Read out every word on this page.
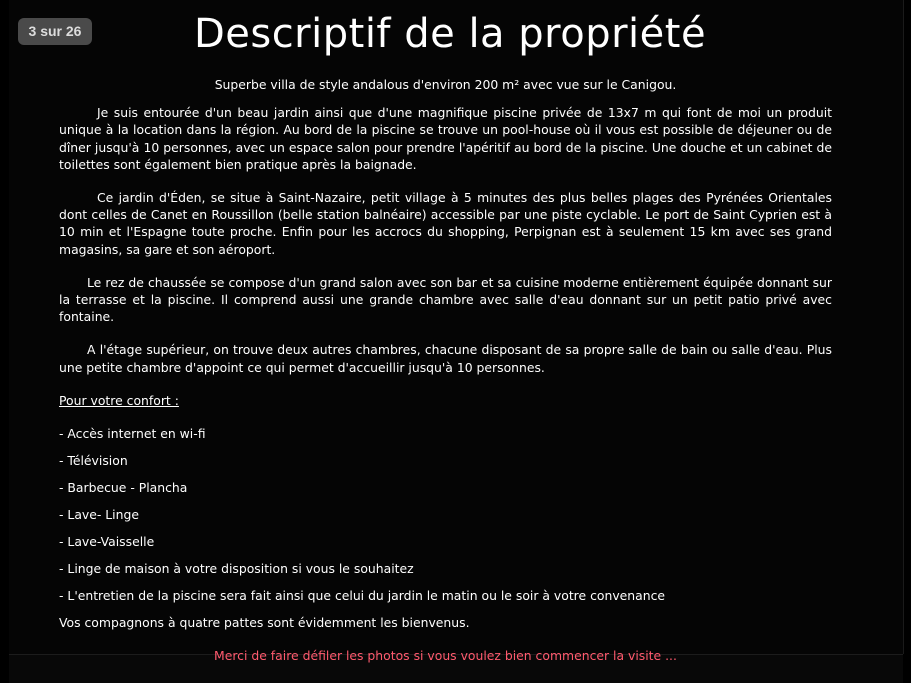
3 sur 26	Descriptif de la propriété

Superbe villa de style andalous d'environ 200 m² avec vue sur le Canigou.

Je suis entourée d'un beau jardin ainsi que d'une magnifique piscine privée de 13x7 m qui font de moi un produit unique à la location dans la région. Au bord de la piscine se trouve un pool-house où il vous est possible de déjeuner ou de dîner jusqu'à 10 personnes, avec un espace salon pour prendre l'apéritif au bord de la piscine. Une douche et un cabinet de toilettes sont également bien pratique après la baignade.

Ce jardin d'Éden, se situe à Saint-Nazaire, petit village à 5 minutes des plus belles plages des Pyrénées Orientales dont celles de Canet en Roussillon (belle station balnéaire) accessible par une piste cyclable. Le port de Saint Cyprien est à 10 min et l'Espagne toute proche. Enfin pour les accrocs du shopping, Perpignan est à seulement 15 km avec ses grand magasins, sa gare et son aéroport.

Le rez de chaussée se compose d'un grand salon avec son bar et sa cuisine moderne entièrement équipée donnant sur la terrasse et la piscine. Il comprend aussi une grande chambre avec salle d'eau donnant sur un petit patio privé avec fontaine.

A l'étage supérieur, on trouve deux autres chambres, chacune disposant de sa propre salle de bain ou salle d'eau. Plus une petite chambre d'appoint ce qui permet d'accueillir jusqu'à 10 personnes.

Pour votre confort :

- Accès internet en wi-fi

- Télévision

- Barbecue - Plancha

- Lave- Linge

- Lave-Vaisselle

- Linge de maison à votre disposition si vous le souhaitez

- L'entretien de la piscine sera fait ainsi que celui du jardin le matin ou le soir à votre convenance

Vos compagnons à quatre pattes sont évidemment les bienvenus.

Merci de faire défiler les photos si vous voulez bien commencer la visite ...
